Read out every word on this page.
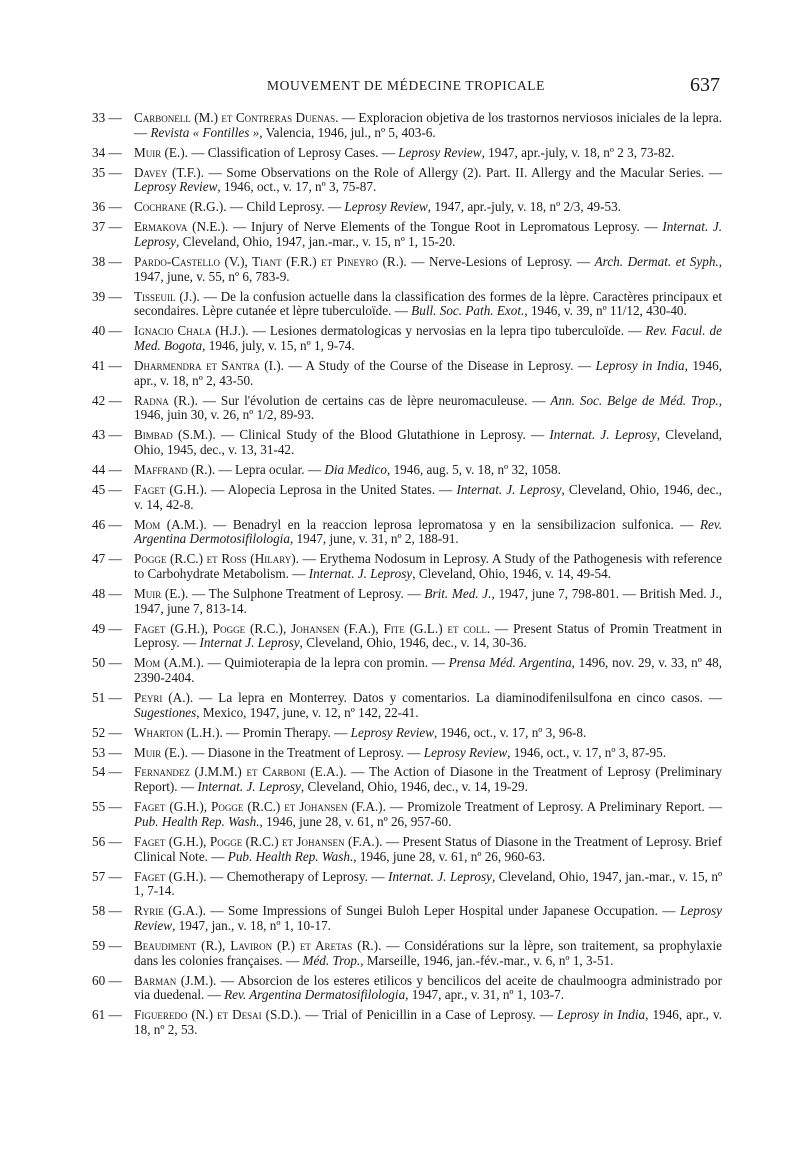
MOUVEMENT DE MÉDECINE TROPICALE	637
33 —	Carbonell (M.) et Contreras Duenas. — Exploracion objetiva de los trastornos nerviosos iniciales de la lepra. — Revista « Fontilles », Valencia, 1946, jul., nº 5, 403-6.
34 —	Muir (E.). — Classification of Leprosy Cases. — Leprosy Review, 1947, apr.-july, v. 18, nº 2 3, 73-82.
35 —	Davey (T.F.). — Some Observations on the Role of Allergy (2). Part. II. Allergy and the Macular Series. — Leprosy Review, 1946, oct., v. 17, nº 3, 75-87.
36 —	Cochrane (R.G.). — Child Leprosy. — Leprosy Review, 1947, apr.-july, v. 18, nº 2/3, 49-53.
37 —	Ermakova (N.E.). — Injury of Nerve Elements of the Tongue Root in Lepromatous Leprosy. — Internat. J. Leprosy, Cleveland, Ohio, 1947, jan.-mar., v. 15, nº 1, 15-20.
38 —	Pardo-Castello (V.), Tiant (F.R.) et Pineyro (R.). — Nerve-Lesions of Leprosy. — Arch. Dermat. et Syph., 1947, june, v. 55, nº 6, 783-9.
39 —	Tisseuil (J.). — De la confusion actuelle dans la classification des formes de la lèpre. Caractères principaux et secondaires. Lèpre cutanée et lèpre tuberculoïde. — Bull. Soc. Path. Exot., 1946, v. 39, nº 11/12, 430-40.
40 —	Ignacio Chala (H.J.). — Lesiones dermatologicas y nervosias en la lepra tipo tuberculoïde. — Rev. Facul. de Med. Bogota, 1946, july, v. 15, nº 1, 9-74.
41 —	Dharmendra et Santra (I.). — A Study of the Course of the Disease in Leprosy. — Leprosy in India, 1946, apr., v. 18, nº 2, 43-50.
42 —	Radna (R.). — Sur l'évolution de certains cas de lèpre neuromaculeuse. — Ann. Soc. Belge de Méd. Trop., 1946, juin 30, v. 26, nº 1/2, 89-93.
43 —	Bimbad (S.M.). — Clinical Study of the Blood Glutathione in Leprosy. — Internat. J. Leprosy, Cleveland, Ohio, 1945, dec., v. 13, 31-42.
44 —	Maffrand (R.). — Lepra ocular. — Dia Medico, 1946, aug. 5, v. 18, nº 32, 1058.
45 —	Faget (G.H.). — Alopecia Leprosa in the United States. — Internat. J. Leprosy, Cleveland, Ohio, 1946, dec., v. 14, 42-8.
46 —	Mom (A.M.). — Benadryl en la reaccion leprosa lepromatosa y en la sensibilizacion sulfonica. — Rev. Argentina Dermotosifilologia, 1947, june, v. 31, nº 2, 188-91.
47 —	Pogge (R.C.) et Ross (Hilary). — Erythema Nodosum in Leprosy. A Study of the Pathogenesis with reference to Carbohydrate Metabolism. — Internat. J. Leprosy, Cleveland, Ohio, 1946, v. 14, 49-54.
48 —	Muir (E.). — The Sulphone Treatment of Leprosy. — Brit. Med. J., 1947, june 7, 798-801. — British Med. J., 1947, june 7, 813-14.
49 —	Faget (G.H.), Pogge (R.C.), Johansen (F.A.), Fite (G.L.) et coll. — Present Status of Promin Treatment in Leprosy. — Internat J. Leprosy, Cleveland, Ohio, 1946, dec., v. 14, 30-36.
50 —	Mom (A.M.). — Quimioterapia de la lepra con promin. — Prensa Méd. Argentina, 1496, nov. 29, v. 33, nº 48, 2390-2404.
51 —	Peyri (A.). — La lepra en Monterrey. Datos y comentarios. La diaminodifenilsulfona en cinco casos. — Sugestiones, Mexico, 1947, june, v. 12, nº 142, 22-41.
52 —	Wharton (L.H.). — Promin Therapy. — Leprosy Review, 1946, oct., v. 17, nº 3, 96-8.
53 —	Muir (E.). — Diasone in the Treatment of Leprosy. — Leprosy Review, 1946, oct., v. 17, nº 3, 87-95.
54 —	Fernandez (J.M.M.) et Carboni (E.A.). — The Action of Diasone in the Treatment of Leprosy (Preliminary Report). — Internat. J. Leprosy, Cleveland, Ohio, 1946, dec., v. 14, 19-29.
55 —	Faget (G.H.), Pogge (R.C.) et Johansen (F.A.). — Promizole Treatment of Leprosy. A Preliminary Report. — Pub. Health Rep. Wash., 1946, june 28, v. 61, nº 26, 957-60.
56 —	Faget (G.H.), Pogge (R.C.) et Johansen (F.A.). — Present Status of Diasone in the Treatment of Leprosy. Brief Clinical Note. — Pub. Health Rep. Wash., 1946, june 28, v. 61, nº 26, 960-63.
57 —	Faget (G.H.). — Chemotherapy of Leprosy. — Internat. J. Leprosy, Cleveland, Ohio, 1947, jan.-mar., v. 15, nº 1, 7-14.
58 —	Ryrie (G.A.). — Some Impressions of Sungei Buloh Leper Hospital under Japanese Occupation. — Leprosy Review, 1947, jan., v. 18, nº 1, 10-17.
59 —	Beaudiment (R.), Laviron (P.) et Aretas (R.). — Considérations sur la lèpre, son traitement, sa prophylaxie dans les colonies françaises. — Méd. Trop., Marseille, 1946, jan.-fév.-mar., v. 6, nº 1, 3-51.
60 —	Barman (J.M.). — Absorcion de los esteres etilicos y bencilicos del aceite de chaulmoogra administrado por via duedenal. — Rev. Argentina Dermatosifilologia, 1947, apr., v. 31, nº 1, 103-7.
61 —	Figueredo (N.) et Desai (S.D.). — Trial of Penicillin in a Case of Leprosy. — Leprosy in India, 1946, apr., v. 18, nº 2, 53.
